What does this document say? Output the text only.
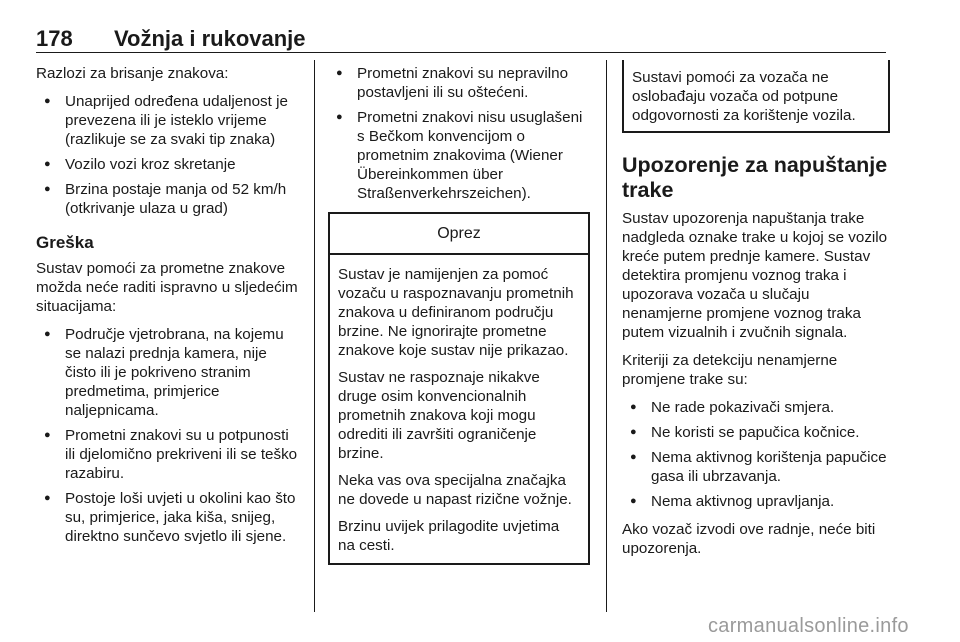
178 Vožnja i rukovanje

Razlozi za brisanje znakova:

● Unaprijed određena udaljenost je prevezena ili je isteklo vrijeme (razlikuje se za svaki tip znaka)
● Vozilo vozi kroz skretanje
● Brzina postaje manja od 52 km/h (otkrivanje ulaza u grad)
Greška

Sustav pomoći za prometne znakove možda neće raditi ispravno u sljedećim situacijama:

● Područje vjetrobrana, na kojemu se nalazi prednja kamera, nije čisto ili je pokriveno stranim predmetima, primjerice naljepnicama.
● Prometni znakovi su u potpunosti ili djelomično prekriveni ili se teško razabiru.
● Postoje loši uvjeti u okolini kao što su, primjerice, jaka kiša, snijeg, direktno sunčevo svjetlo ili sjene.
● Prometni znakovi su nepravilno postavljeni ili su oštećeni.
● Prometni znakovi nisu usuglašeni s Bečkom konvencijom o prometnim znakovima (Wiener Übereinkommen über Straßenverkehrszeichen).
Oprez

Sustav je namijenjen za pomoć vozaču u raspoznavanju prometnih znakova u definiranom području brzine. Ne ignorirajte prometne znakove koje sustav nije prikazao.

Sustav ne raspoznaje nikakve druge osim konvencionalnih prometnih znakova koji mogu odrediti ili završiti ograničenje brzine.

Neka vas ova specijalna značajka ne dovede u napast rizične vožnje.

Brzinu uvijek prilagodite uvjetima na cesti.

Sustavi pomoći za vozača ne oslobađaju vozača od potpune odgovornosti za korištenje vozila.
Upozorenje za napuštanje trake

Sustav upozorenja napuštanja trake nadgleda oznake trake u kojoj se vozilo kreće putem prednje kamere. Sustav detektira promjenu voznog traka i upozorava vozača u slučaju nenamjerne promjene voznog traka putem vizualnih i zvučnih signala.

Kriteriji za detekciju nenamjerne promjene trake su:

● Ne rade pokazivači smjera.
● Ne koristi se papučica kočnice.
● Nema aktivnog korištenja papučice gasa ili ubrzavanja.
● Nema aktivnog upravljanja.

Ako vozač izvodi ove radnje, neće biti upozorenja.

carmanualsonline.info
